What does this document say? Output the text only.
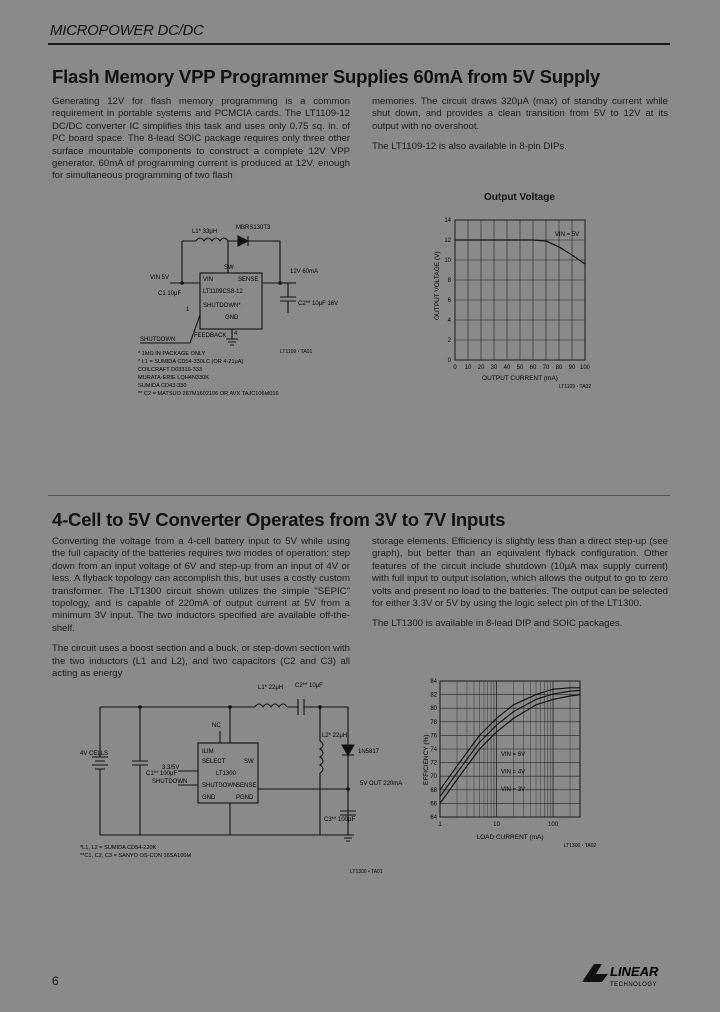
MICROPOWER DC/DC
Flash Memory VPP Programmer Supplies 60mA from 5V Supply

Generating 12V for flash memory programming is a common requirement in portable systems and PCMCIA cards. The LT1109-12 DC/DC converter IC simplifies this task and uses only 0.75 sq. in. of PC board space. The 8-lead SOIC package requires only three other surface mountable components to construct a complete 12V VPP generator. 60mA of programming current is produced at 12V, enough for simultaneous programming of two flash

memories. The circuit draws 320μA (max) of standby current while shut down, and provides a clean transition from 5V to 12V at its output with no overshoot.

The LT1109-12 is also available in 8-pin DIPs.

L1* 33μH
MBRS130T3
VIN 5V
SW
VIN	SENSE
LT1109CS8-12
SHUTDOWN*
GND
1
4
12V 60mA
C1 10μF
C2** 10μF 16V
SHUTDOWN
FEEDBACK
* 1MΩ IN PACKAGE ONLY
* L1 = SUMIDA CD54-330LC (OR 4-21μA)
COILCRAFT D03316-333
MURATA-ERIE LQH4N330K
SUMIDA CD43-330
** C2 = MATSUO 267M1602106 OR AVX TAJC106M016
LT1109 • TA01
Output Voltage
0 10 20 30 40 50 60 70 80 90 100
14
12
10
8
6
4
2
0
VIN = 5V
OUTPUT VOLTAGE (V)
OUTPUT CURRENT (mA)
LT1109 • TA02
4-Cell to 5V Converter Operates from 3V to 7V Inputs

Converting the voltage from a 4-cell battery input to 5V while using the full capacity of the batteries requires two modes of operation: step down from an input voltage of 6V and step-up from an input of 4V or less. A flyback topology can accomplish this, but uses a costly custom transformer. The LT1300 circuit shown utilizes the simple "SEPIC" topology, and is capable of 220mA of output current at 5V from a minimum 3V input. The two inductors specified are available off-the-shelf.

The circuit uses a boost section and a buck, or step-down section with the two inductors (L1 and L2), and two capacitors (C2 and C3) all acting as energy

storage elements. Efficiency is slightly less than a direct step-up (see graph), but better than an equivalent flyback configuration. Other features of the circuit include shutdown (10μA max supply current) with full input to output isolation, which allows the output to go to zero volts and present no load to the batteries. The output can be selected for either 3.3V or 5V by using the logic select pin of the LT1300.

The LT1300 is available in 8-lead DIP and SOIC packages.

L1* 22μH C2** 10μF
L2* 22μH
1N5817
4V CELLS
NC
ILIM
SELECT	SW
LT1300
SHUTDOWN
GND
SENSE
PGND
3.3/5V
SHUTDOWN
C1** 100μF
5V OUT 220mA
C3** 100μF
*L1, L2 = SUMIDA CD54-220K
**C1, C2, C3 = SANYO OS-CON 16SA100M
LT1300 • TA01
84
82
80
78
76
74
72
70
68
66
64
1	10	100
VIN = 6V
VIN = 4V
VIN = 3V
EFFICIENCY (%)
LOAD CURRENT (mA)
LT1300 • TA02
6
LINEAR
TECHNOLOGY
